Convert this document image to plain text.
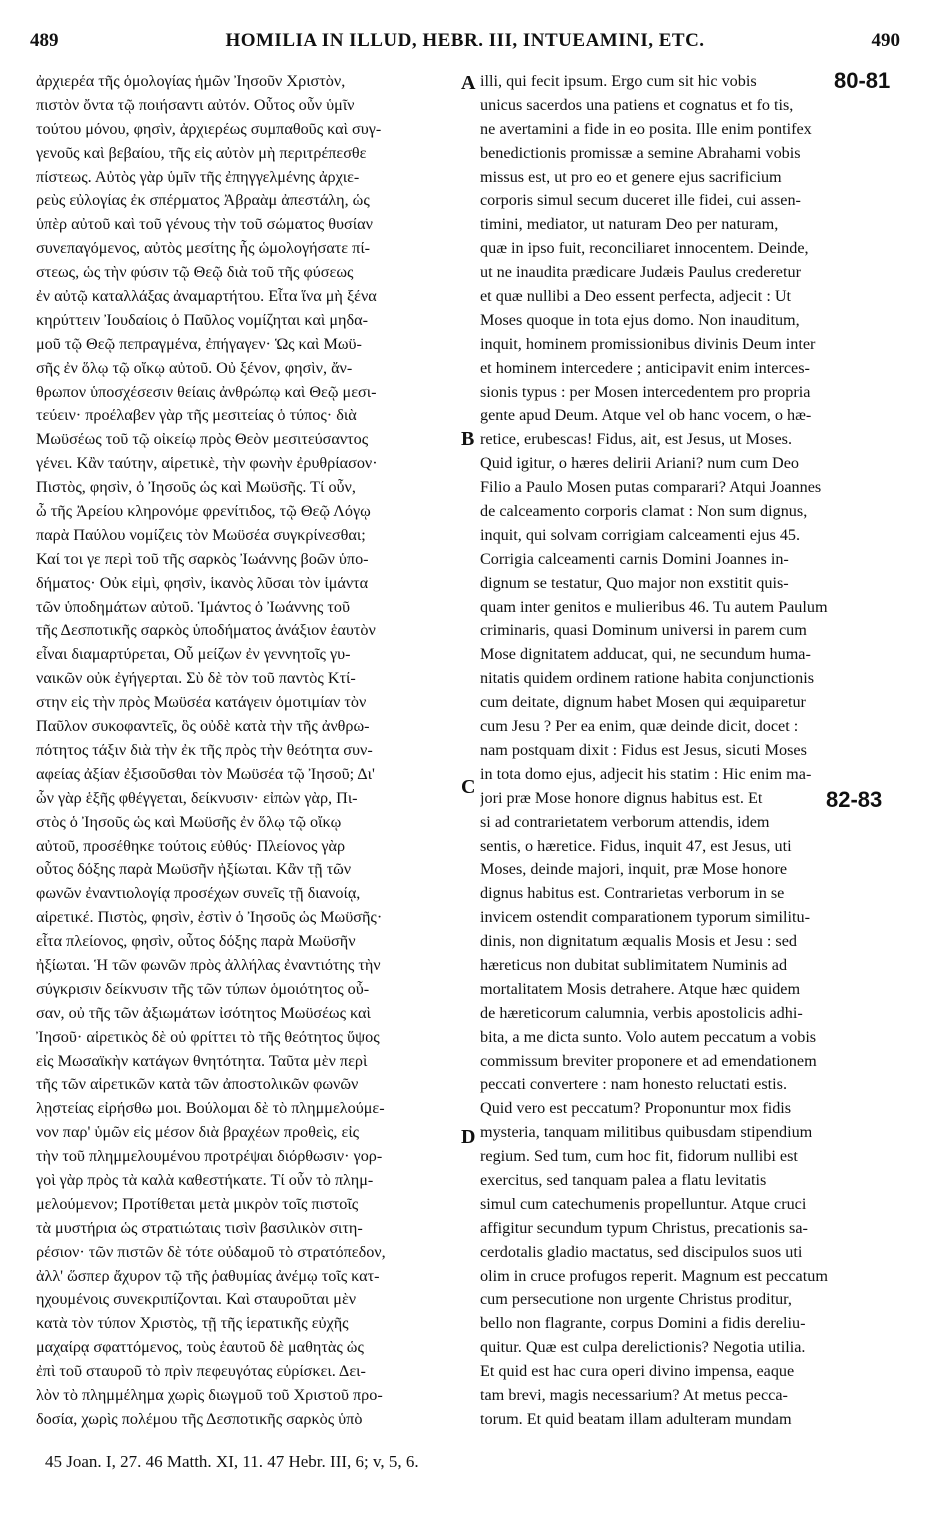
489	HOMILIA IN ILLUD, HEBR. III, INTUEAMINI, ETC.	490
ἀρχιερέα τῆς ὁμολογίας ἡμῶν Ἰησοῦν Χριστὸν,
πιστὸν ὄντα τῷ ποιήσαντι αὐτόν. Οὗτος οὖν ὑμῖν
τούτου μόνου, φησὶν, ἀρχιερέως συμπαθοῦς καὶ συγ-
γενοῦς καὶ βεβαίου, τῆς εἰς αὐτὸν μὴ περιτρέπεσθε
πίστεως. Αὐτὸς γὰρ ὑμῖν τῆς ἐπηγγελμένης ἀρχιε-
ρεὺς εὐλογίας ἐκ σπέρματος Ἀβραὰμ ἀπεστάλη, ὡς
ὑπὲρ αὐτοῦ καὶ τοῦ γένους τὴν τοῦ σώματος θυσίαν
συνεπαγόμενος, αὐτὸς μεσίτης ἧς ὡμολογήσατε πί-
στεως, ὡς τὴν φύσιν τῷ Θεῷ διὰ τοῦ τῆς φύσεως
ἐν αὐτῷ καταλλάξας ἀναμαρτήτου. Εἶτα ἵνα μὴ ξένα
κηρύττειν Ἰουδαίοις ὁ Παῦλος νομίζηται καὶ μηδα-
μοῦ τῷ Θεῷ πεπραγμένα, ἐπήγαγεν· Ὡς καὶ Μωϋ-
σῆς ἐν ὅλῳ τῷ οἴκῳ αὐτοῦ. Οὐ ξένον, φησὶν, ἄν-
θρωπον ὑποσχέσεσιν θείαις ἀνθρώπῳ καὶ Θεῷ μεσι-
τεύειν· προέλαβεν γὰρ τῆς μεσιτείας ὁ τύπος· διὰ
Μωϋσέως τοῦ τῷ οἰκείῳ πρὸς Θεὸν μεσιτεύσαντος
γένει. Κἂν ταύτην, αἱρετικὲ, τὴν φωνὴν ἐρυθρίασον·
Πιστὸς, φησὶν, ὁ Ἰησοῦς ὡς καὶ Μωϋσῆς. Τί οὖν,
ὦ τῆς Ἀρείου κληρονόμε φρενίτιδος, τῷ Θεῷ Λόγῳ
παρὰ Παύλου νομίζεις τὸν Μωϋσέα συγκρίνεσθαι;
Καί τοι γε περὶ τοῦ τῆς σαρκὸς Ἰωάννης βοῶν ὑπο-
δήματος· Οὐκ εἰμὶ, φησὶν, ἱκανὸς λῦσαι τὸν ἱμάντα
τῶν ὑποδημάτων αὐτοῦ. Ἱμάντος ὁ Ἰωάννης τοῦ
τῆς Δεσποτικῆς σαρκὸς ὑποδήματος ἀνάξιον ἑαυτὸν
εἶναι διαμαρτύρεται, Οὗ μείζων ἐν γεννητοῖς γυ-
ναικῶν οὐκ ἐγήγερται. Σὺ δὲ τὸν τοῦ παντὸς Κτί-
στην εἰς τὴν πρὸς Μωϋσέα κατάγειν ὁμοτιμίαν τὸν
Παῦλον συκοφαντεῖς, ὃς οὐδὲ κατὰ τὴν τῆς ἀνθρω-
πότητος τάξιν διὰ τὴν ἐκ τῆς πρὸς τὴν θεότητα συν-
αφείας ἀξίαν ἐξισοῦσθαι τὸν Μωϋσέα τῷ Ἰησοῦ; Δι'
ὧν γὰρ ἑξῆς φθέγγεται, δείκνυσιν· εἰπὼν γὰρ, Πι-
στὸς ὁ Ἰησοῦς ὡς καὶ Μωϋσῆς ἐν ὅλῳ τῷ οἴκῳ
αὐτοῦ, προσέθηκε τούτοις εὐθύς· Πλείονος γὰρ
οὗτος δόξης παρὰ Μωϋσῆν ἠξίωται. Κἂν τῇ τῶν
φωνῶν ἐναντιολογίᾳ προσέχων συνεῖς τῇ διανοίᾳ,
αἱρετικέ. Πιστὸς, φησὶν, ἐστὶν ὁ Ἰησοῦς ὡς Μωϋσῆς·
εἶτα πλείονος, φησὶν, οὗτος δόξης παρὰ Μωϋσῆν
ἠξίωται. Ἡ τῶν φωνῶν πρὸς ἀλλήλας ἐναντιότης τὴν
σύγκρισιν δείκνυσιν τῆς τῶν τύπων ὁμοιότητος οὖ-
σαν, οὐ τῆς τῶν ἀξιωμάτων ἰσότητος Μωϋσέως καὶ
Ἰησοῦ· αἱρετικὸς δὲ οὐ φρίττει τὸ τῆς θεότητος ὕψος
εἰς Μωσαϊκὴν κατάγων θνητότητα. Ταῦτα μὲν περὶ
τῆς τῶν αἱρετικῶν κατὰ τῶν ἀποστολικῶν φωνῶν
λῃστείας εἰρήσθω μοι. Βούλομαι δὲ τὸ πλημμελούμε-
νον παρ' ὑμῶν εἰς μέσον διὰ βραχέων προθεὶς, εἰς
τὴν τοῦ πλημμελουμένου προτρέψαι διόρθωσιν· γορ-
γοὶ γὰρ πρὸς τὰ καλὰ καθεστήκατε. Τί οὖν τὸ πλημ-
μελούμενον; Προτίθεται μετὰ μικρὸν τοῖς πιστοῖς
τὰ μυστήρια ὡς στρατιώταις τισὶν βασιλικὸν σιτη-
ρέσιον· τῶν πιστῶν δὲ τότε οὐδαμοῦ τὸ στρατόπεδον,
ἀλλ' ὥσπερ ἄχυρον τῷ τῆς ῥαθυμίας ἀνέμῳ τοῖς κατ-
ηχουμένοις συνεκριπίζονται. Καὶ σταυροῦται μὲν
κατὰ τὸν τύπον Χριστὸς, τῇ τῆς ἱερατικῆς εὐχῆς
μαχαίρᾳ σφαττόμενος, τοὺς ἑαυτοῦ δὲ μαθητὰς ὡς
ἐπὶ τοῦ σταυροῦ τὸ πρὶν πεφευγότας εὑρίσκει. Δει-
λὸν τὸ πλημμέλημα χωρὶς διωγμοῦ τοῦ Χριστοῦ προ-
δοσία, χωρὶς πολέμου τῆς Δεσποτικῆς σαρκὸς ὑπὸ
illi, qui fecit ipsum. Ergo cum sit hic vobis
unicus sacerdos una patiens et cognatus et fo tis,
ne avertamini a fide in eo posita. Ille enim pontifex
benedictionis promissæ a semine Abrahami vobis
missus est, ut pro eo et genere ejus sacrificium
corporis simul secum duceret ille fidei, cui assen-
timini, mediator, ut naturam Deo per naturam,
quæ in ipso fuit, reconciliaret innocentem. Deinde,
ut ne inaudita prædicare Judæis Paulus crederetur
et quæ nullibi a Deo essent perfecta, adjecit : Ut
Moses quoque in tota ejus domo. Non inauditum,
inquit, hominem promissionibus divinis Deum inter
et hominem intercedere ; anticipavit enim interces-
sionis typus : per Mosen intercedentem pro propria
gente apud Deum. Atque vel ob hanc vocem, o hæ-
retice, erubescas! Fidus, ait, est Jesus, ut Moses.
Quid igitur, o hæres delirii Ariani? num cum Deo
Filio a Paulo Mosen putas comparari? Atqui Joannes
de calceamento corporis clamat : Non sum dignus,
inquit, qui solvam corrigiam calceamenti ejus 45.
Corrigia calceamenti carnis Domini Joannes in-
dignum se testatur, Quo major non exstitit quis-
quam inter genitos e mulieribus 46. Tu autem Paulum
criminaris, quasi Dominum universi in parem cum
Mose dignitatem adducat, qui, ne secundum huma-
nitatis quidem ordinem ratione habita conjunctionis
cum deitate, dignum habet Mosen qui æquiparetur
cum Jesu ? Per ea enim, quæ deinde dicit, docet :
nam postquam dixit : Fidus est Jesus, sicuti Moses
in tota domo ejus, adjecit his statim : Hic enim ma-
jori præ Mose honore dignus habitus est. Et
si ad contrarietatem verborum attendis, idem
sentis, o hæretice. Fidus, inquit 47, est Jesus, uti
Moses, deinde majori, inquit, præ Mose honore
dignus habitus est. Contrarietas verborum in se
invicem ostendit comparationem typorum similitu-
dinis, non dignitatum æqualis Mosis et Jesu : sed
hæreticus non dubitat sublimitatem Numinis ad
mortalitatem Mosis detrahere. Atque hæc quidem
de hæreticorum calumnia, verbis apostolicis adhi-
bita, a me dicta sunto. Volo autem peccatum a vobis
commissum breviter proponere et ad emendationem
peccati convertere : nam honesto reluctati estis.
Quid vero est peccatum? Proponuntur mox fidis
mysteria, tanquam militibus quibusdam stipendium
regium. Sed tum, cum hoc fit, fidorum nullibi est
exercitus, sed tanquam palea a flatu levitatis
simul cum catechumenis propelluntur. Atque cruci
affigitur secundum typum Christus, precationis sa-
cerdotalis gladio mactatus, sed discipulos suos uti
olim in cruce profugos reperit. Magnum est peccatum
cum persecutione non urgente Christus proditur,
bello non flagrante, corpus Domini a fidis dereliu-
quitur. Quæ est culpa derelictionis? Negotia utilia.
Et quid est hac cura operi divino impensa, eaque
tam brevi, magis necessarium? At metus pecca-
torum. Et quid beatam illam adulteram mundam
A
B
C
D
80-81
82-83
45 Joan. I, 27. 46 Matth. XI, 11. 47 Hebr. III, 6; v, 5, 6.
